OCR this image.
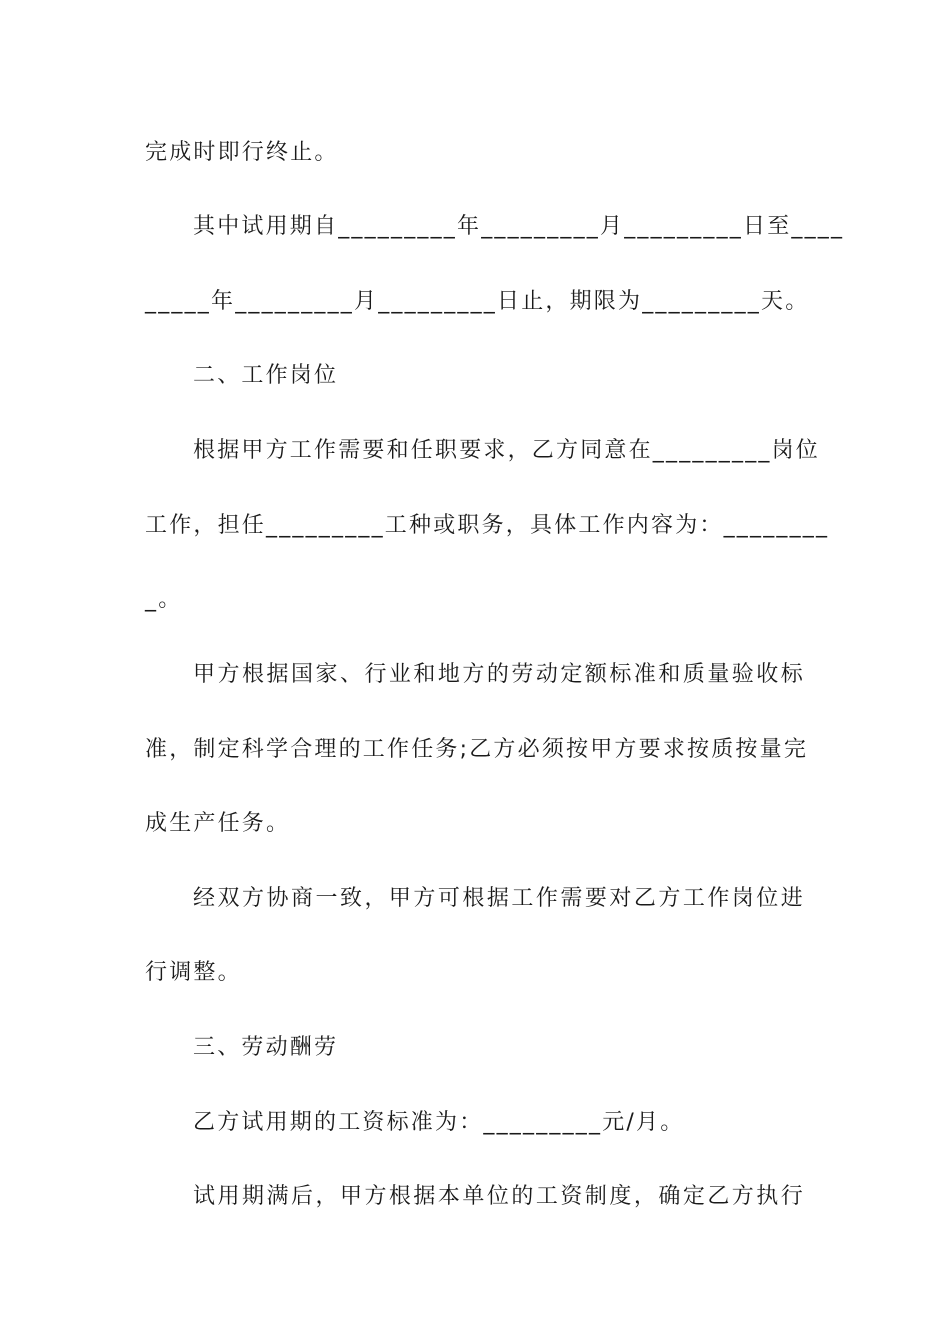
完成时即行终止。
其中试用期自_________年_________月_________日至____
_____年_________月_________日止，期限为_________天。
二、工作岗位
根据甲方工作需要和任职要求，乙方同意在_________岗位
工作，担任_________工种或职务，具体工作内容为：________
_。
甲方根据国家、行业和地方的劳动定额标准和质量验收标
准，制定科学合理的工作任务;乙方必须按甲方要求按质按量完
成生产任务。
经双方协商一致，甲方可根据工作需要对乙方工作岗位进
行调整。
三、劳动酬劳
乙方试用期的工资标准为：_________元/月。
试用期满后，甲方根据本单位的工资制度，确定乙方执行
